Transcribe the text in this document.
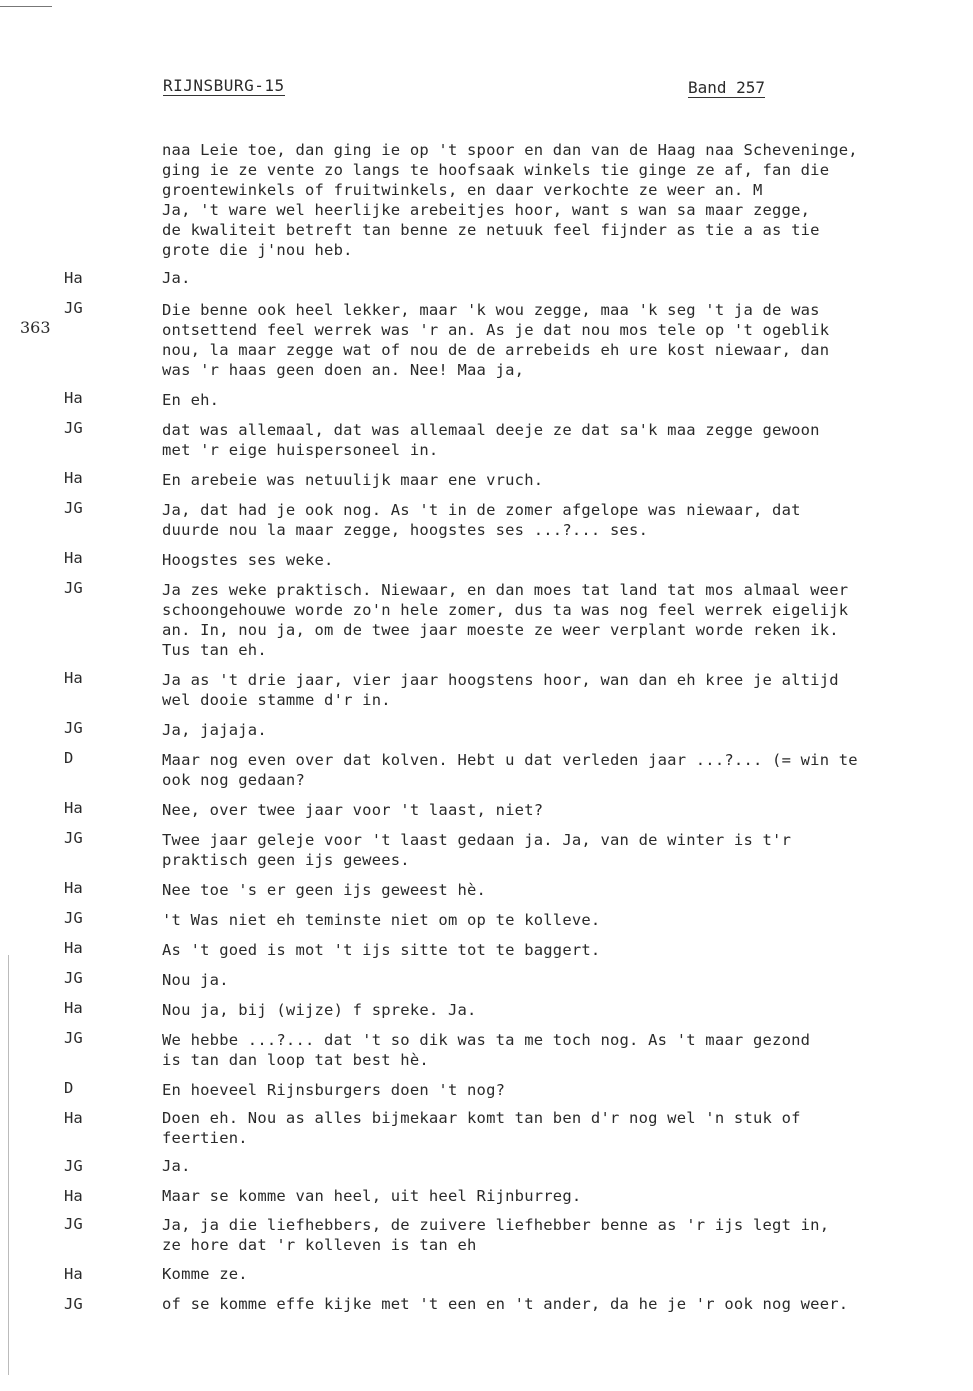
RIJNSBURG-15	Band 257
363
naa Leie toe, dan ging ie op 't spoor en dan van de Haag naa Scheveninge,
ging ie ze vente zo langs te hoofsaak winkels tie ginge ze af, fan die
groentewinkels of fruitwinkels, en daar verkochte ze weer an. M
Ja, 't ware wel heerlijke arebeitjes hoor, want s wan sa maar zegge,
de kwaliteit betreft tan benne ze netuuk feel fijnder as tie a as tie
grote die j'nou heb.
Ha	Ja.
JG	Die benne ook heel lekker, maar 'k wou zegge, maa 'k seg 't ja de was
ontsettend feel werrek was 'r an. As je dat nou mos tele op 't ogeblik
nou, la maar zegge wat of nou de de arrebeids eh ure kost niewaar, dan
was 'r haas geen doen an. Nee! Maa ja,
Ha	En eh.
JG	dat was allemaal, dat was allemaal deeje ze dat sa'k maa zegge gewoon
met 'r eige huispersoneel in.
Ha	En arebeie was netuulijk maar ene vruch.
JG	Ja, dat had je ook nog. As 't in de zomer afgelope was niewaar, dat
duurde nou la maar zegge, hoogstes ses ...?... ses.
Ha	Hoogstes ses weke.
JG	Ja zes weke praktisch. Niewaar, en dan moes tat land tat mos almaal weer
schoongehouwe worde zo'n hele zomer, dus ta was nog feel werrek eigelijk
an. In, nou ja, om de twee jaar moeste ze weer verplant worde reken ik.
Tus tan eh.
Ha	Ja as 't drie jaar, vier jaar hoogstens hoor, wan dan eh kree je altijd
wel dooie stamme d'r in.
JG	Ja, jajaja.
D	Maar nog even over dat kolven. Hebt u dat verleden jaar ...?... (= win te
ook nog gedaan?
Ha	Nee, over twee jaar voor 't laast, niet?
JG	Twee jaar geleje voor 't laast gedaan ja. Ja, van de winter is t'r
praktisch geen ijs gewees.
Ha	Nee toe 's er geen ijs geweest hè.
JG	't Was niet eh teminste niet om op te kolleve.
Ha	As 't goed is mot 't ijs sitte tot te baggert.
JG	Nou ja.
Ha	Nou ja, bij (wijze) f spreke. Ja.
JG	We hebbe ...?... dat 't so dik was ta me toch nog. As 't maar gezond
is tan dan loop tat best hè.
D	En hoeveel Rijnsburgers doen 't nog?
Ha	Doen eh. Nou as alles bijmekaar komt tan ben d'r nog wel 'n stuk of
feertien.
JG	Ja.
Ha	Maar se komme van heel, uit heel Rijnburreg.
JG	Ja, ja die liefhebbers, de zuivere liefhebber benne as 'r ijs legt in,
ze hore dat 'r kolleven is tan eh
Ha	Komme ze.
JG	of se komme effe kijke met 't een en 't ander, da he je 'r ook nog weer.
